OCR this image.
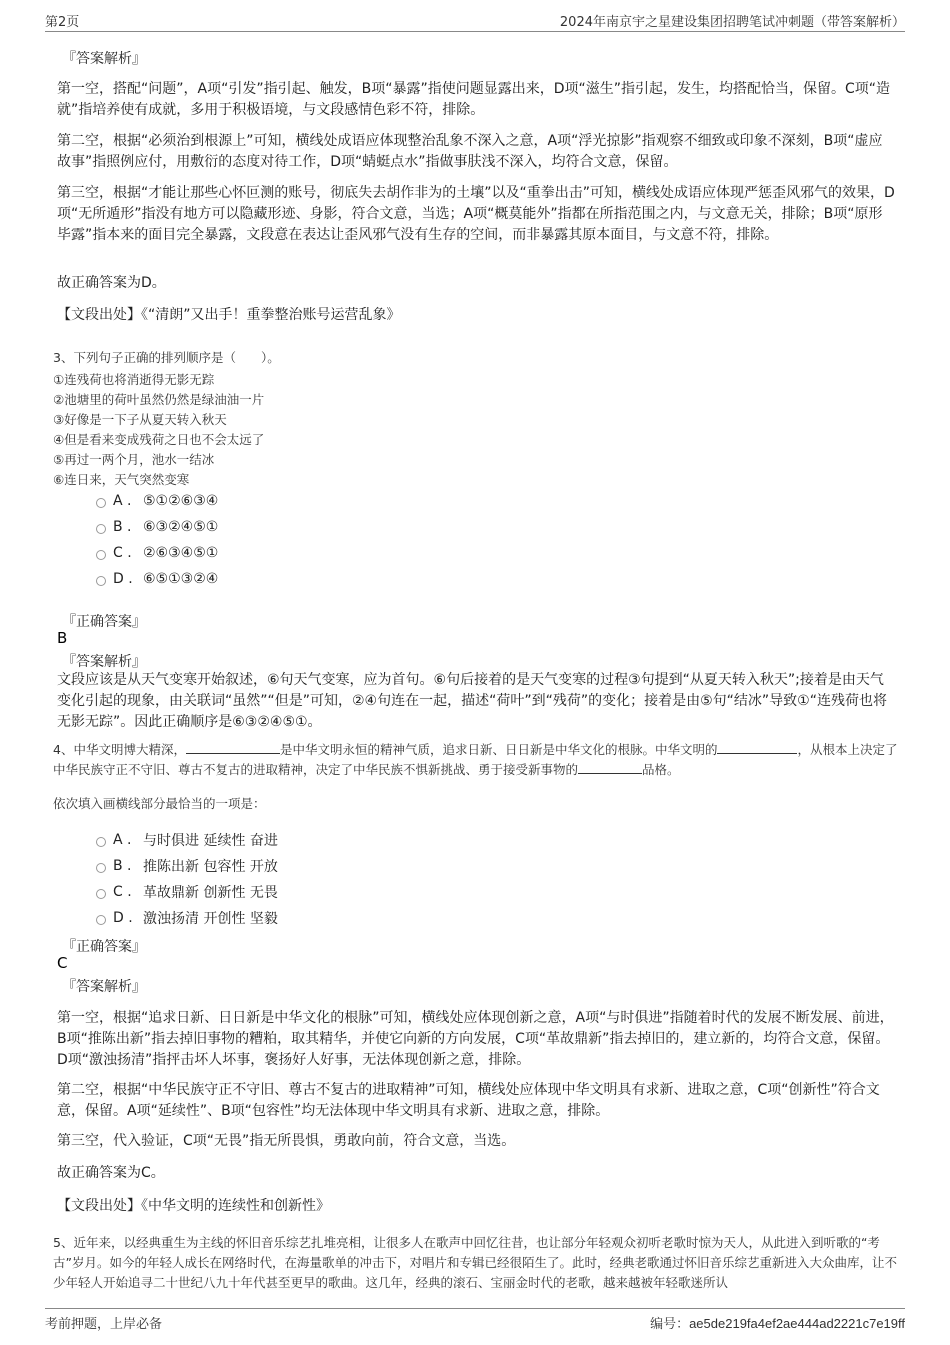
第2页	2024年南京宇之星建设集团招聘笔试冲刺题（带答案解析）
『答案解析』

第一空，搭配“问题”，A项“引发”指引起、触发，B项“暴露”指使问题显露出来，D项“滋生”指引起，发生，均搭配恰当，保留。C项“造就”指培养使有成就，多用于积极语境，与文段感情色彩不符，排除。

第二空，根据“必须治到根源上”可知，横线处成语应体现整治乱象不深入之意，A项“浮光掠影”指观察不细致或印象不深刻，B项“虚应故事”指照例应付，用敷衍的态度对待工作，D项“蜻蜓点水”指做事肤浅不深入，均符合文意，保留。

第三空，根据“才能让那些心怀叵测的账号，彻底失去胡作非为的土壤”以及“重拳出击”可知，横线处成语应体现严惩歪风邪气的效果，D项“无所遁形”指没有地方可以隐藏形迹、身影，符合文意，当选；A项“概莫能外”指都在所指范围之内，与文意无关，排除；B项“原形毕露”指本来的面目完全暴露，文段意在表达让歪风邪气没有生存的空间，而非暴露其原本面目，与文意不符，排除。

故正确答案为D。

【文段出处】《“清朗”又出手！重拳整治账号运营乱象》

3、下列句子正确的排列顺序是（　　）。
①连残荷也将消逝得无影无踪
②池塘里的荷叶虽然仍然是绿油油一片
③好像是一下子从夏天转入秋天
④但是看来变成残荷之日也不会太远了
⑤再过一两个月，池水一结冰
⑥连日来，天气突然变寒
A . ⑤①②⑥③④
B . ⑥③②④⑤①
C . ②⑥③④⑤①
D . ⑥⑤①③②④
『正确答案』
B
『答案解析』

文段应该是从天气变寒开始叙述，⑥句天气变寒，应为首句。⑥句后接着的是天气变寒的过程③句提到“从夏天转入秋天”;接着是由天气变化引起的现象，由关联词“虽然”“但是”可知，②④句连在一起，描述“荷叶”到“残荷”的变化；接着是由⑤句“结冰”导致①“连残荷也将无影无踪”。因此正确顺序是⑥③②④⑤①。

4、中华文明博大精深，	是中华文明永恒的精神气质，追求日新、日日新是中华文化的根脉。中华文明的	，从根本上决定了中华民族守正不守旧、尊古不复古的进取精神，决定了中华民族不惧新挑战、勇于接受新事物的	品格。
依次填入画横线部分最恰当的一项是：
A . 与时俱进 延续性 奋进
B . 推陈出新 包容性 开放
C . 革故鼎新 创新性 无畏
D . 激浊扬清 开创性 坚毅
『正确答案』
C
『答案解析』

第一空，根据“追求日新、日日新是中华文化的根脉”可知，横线处应体现创新之意，A项“与时俱进”指随着时代的发展不断发展、前进，B项“推陈出新”指去掉旧事物的糟粕，取其精华，并使它向新的方向发展，C项“革故鼎新”指去掉旧的，建立新的，均符合文意，保留。D项“激浊扬清”指抨击坏人坏事，褒扬好人好事，无法体现创新之意，排除。

第二空，根据“中华民族守正不守旧、尊古不复古的进取精神”可知，横线处应体现中华文明具有求新、进取之意，C项“创新性”符合文意，保留。A项“延续性”、B项“包容性”均无法体现中华文明具有求新、进取之意，排除。

第三空，代入验证，C项“无畏”指无所畏惧，勇敢向前，符合文意，当选。

故正确答案为C。

【文段出处】《中华文明的连续性和创新性》

5、近年来，以经典重生为主线的怀旧音乐综艺扎堆亮相，让很多人在歌声中回忆往昔，也让部分年轻观众初听老歌时惊为天人，从此进入到听歌的“考古”岁月。如今的年轻人成长在网络时代，在海量歌单的冲击下，对唱片和专辑已经很陌生了。此时，经典老歌通过怀旧音乐综艺重新进入大众曲库，让不少年轻人开始追寻二十世纪八九十年代甚至更早的歌曲。这几年，经典的滚石、宝丽金时代的老歌，越来越被年轻歌迷所认

考前押题，上岸必备	编号：ae5de219fa4ef2ae444ad2221c7e19ff
